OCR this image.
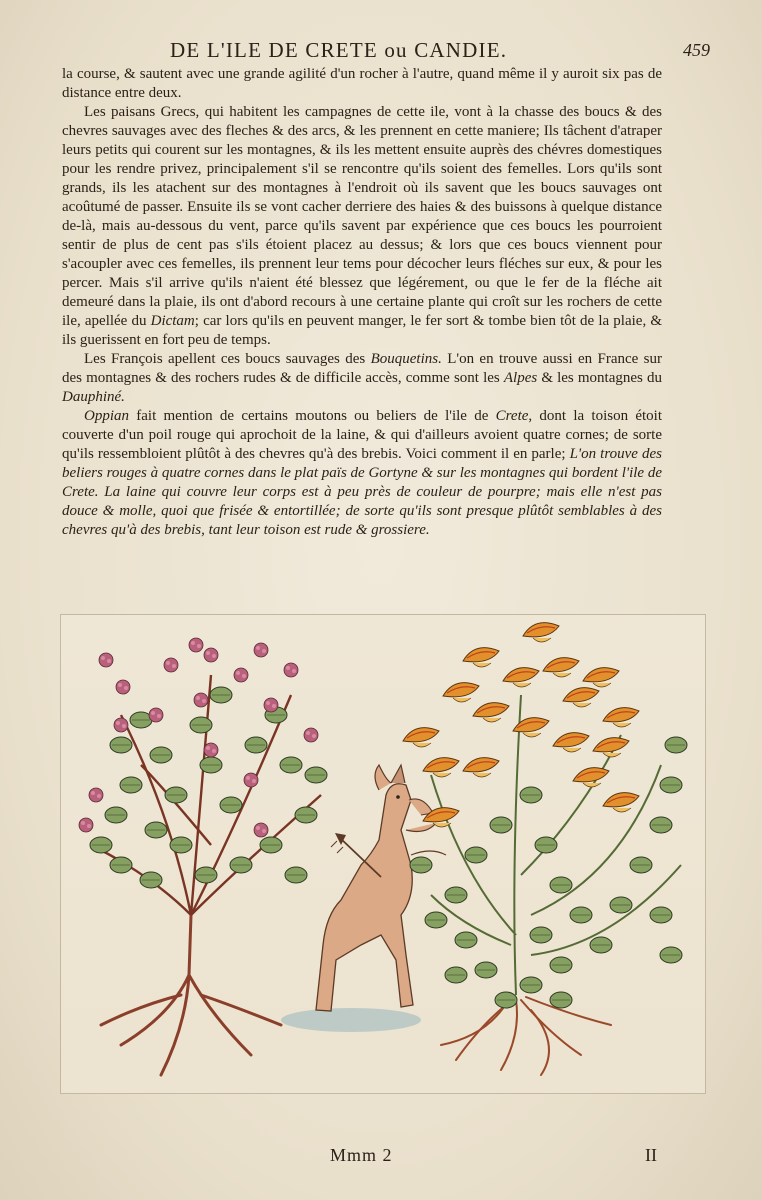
DE L'ILE DE CRETE ou CANDIE.	459

la course, & sautent avec une grande agilité d'un rocher à l'autre, quand même il y auroit six pas de distance entre deux.

Les paisans Grecs, qui habitent les campagnes de cette ile, vont à la chasse des boucs & des chevres sauvages avec des fleches & des arcs, & les prennent en cette maniere; Ils tâchent d'atraper leurs petits qui courent sur les montagnes, & ils les mettent ensuite auprès des chévres domestiques pour les rendre privez, principalement s'il se rencontre qu'ils soient des femelles. Lors qu'ils sont grands, ils les atachent sur des montagnes à l'endroit où ils savent que les boucs sauvages ont acoûtumé de passer. Ensuite ils se vont cacher derriere des haies & des buissons à quelque distance de-là, mais au-dessous du vent, parce qu'ils savent par expérience que ces boucs les pourroient sentir de plus de cent pas s'ils étoient placez au dessus; & lors que ces boucs viennent pour s'acoupler avec ces femelles, ils prennent leur tems pour décocher leurs fléches sur eux, & pour les percer. Mais s'il arrive qu'ils n'aient été blessez que légérement, ou que le fer de la fléche ait demeuré dans la plaie, ils ont d'abord recours à une certaine plante qui croît sur les rochers de cette ile, apellée du Dictam; car lors qu'ils en peuvent manger, le fer sort & tombe bien tôt de la plaie, & ils guerissent en fort peu de temps.

Les François apellent ces boucs sauvages des Bouquetins. L'on en trouve aussi en France sur des montagnes & des rochers rudes & de difficile accès, comme sont les Alpes & les montagnes du Dauphiné.

Oppian fait mention de certains moutons ou beliers de l'ile de Crete, dont la toison étoit couverte d'un poil rouge qui aprochoit de la laine, & qui d'ailleurs avoient quatre cornes; de sorte qu'ils ressembloient plûtôt à des chevres qu'à des brebis. Voici comment il en parle; L'on trouve des beliers rouges à quatre cornes dans le plat païs de Gortyne & sur les montagnes qui bordent l'ile de Crete. La laine qui couvre leur corps est à peu près de couleur de pourpre; mais elle n'est pas douce & molle, quoi que frisée & entortillée; de sorte qu'ils sont presque plûtôt semblables à des chevres qu'à des brebis, tant leur toison est rude & grossiere.

Mmm 2	II
